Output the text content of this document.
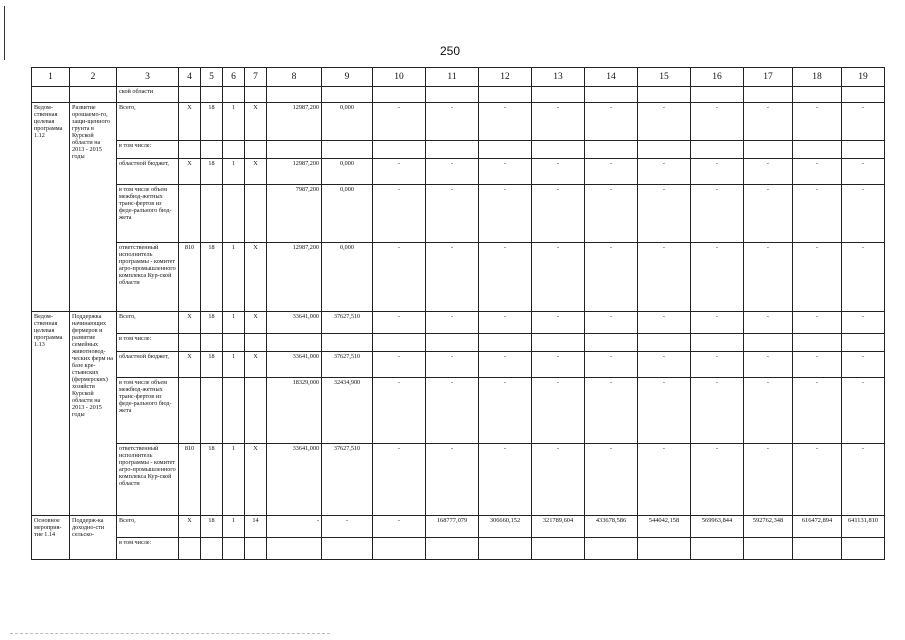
250
1	2	3	4	5	6	7	8	9	10	11	12	13	14	15	16	17	18	19
		ской области																
Ведом-ственная целевая программа 1.12	Развитие орошаемо-го, защи-щенного грунта в Курской области на 2013 - 2015 годы	Всего,	X	18	1	X	12987,200	0,000	-	-	-	-	-	-	-	-	-	-
		в том числе:																
		областной бюджет,	X	18	1	X	12987,200	0,000	-	-	-	-	-	-	-	-	-	-
		в том числе объем межбюд-жетных транс-фертов из феде-рального бюд-жета					7987,200	0,000	-	-	-	-	-	-	-	-	-	-
		ответственный исполнитель программы - комитет агро-промышленного комплекса Кур-ской области	810	18	1	X	12987,200	0,000	-	-	-	-	-	-	-	-	-	-
Ведом-ственная целевая программа 1.13	Поддержка начинающих фермеров и развитие семейных животновод-ческих ферм на базе кре-стьянских (фермерских) хозяйств Курской области на 2013 - 2015 годы	Всего,	X	18	1	X	33641,000	37627,510	-	-	-	-	-	-	-	-	-	-
		в том числе:																
		областной бюджет,	X	18	1	X	33641,000	37627,510	-	-	-	-	-	-	-	-	-	-
		в том числе объем межбюд-жетных транс-фертов из феде-рального бюд-жета					18329,000	32434,900	-	-	-	-	-	-	-	-	-	-
		ответственный исполнитель программы - комитет агро-промышленного комплекса Кур-ской области	810	18	1	X	33641,000	37627,510	-	-	-	-	-	-	-	-	-	-
Основное мероприя-тие 1.14	Поддерж-ка доходно-сти сельско-	Всего,	X	18	1	14	-	-	-	168777,079	306660,152	321789,604	433678,586	544042,158	569963,844	592762,348	616472,894	641131,810
		в том числе:																
